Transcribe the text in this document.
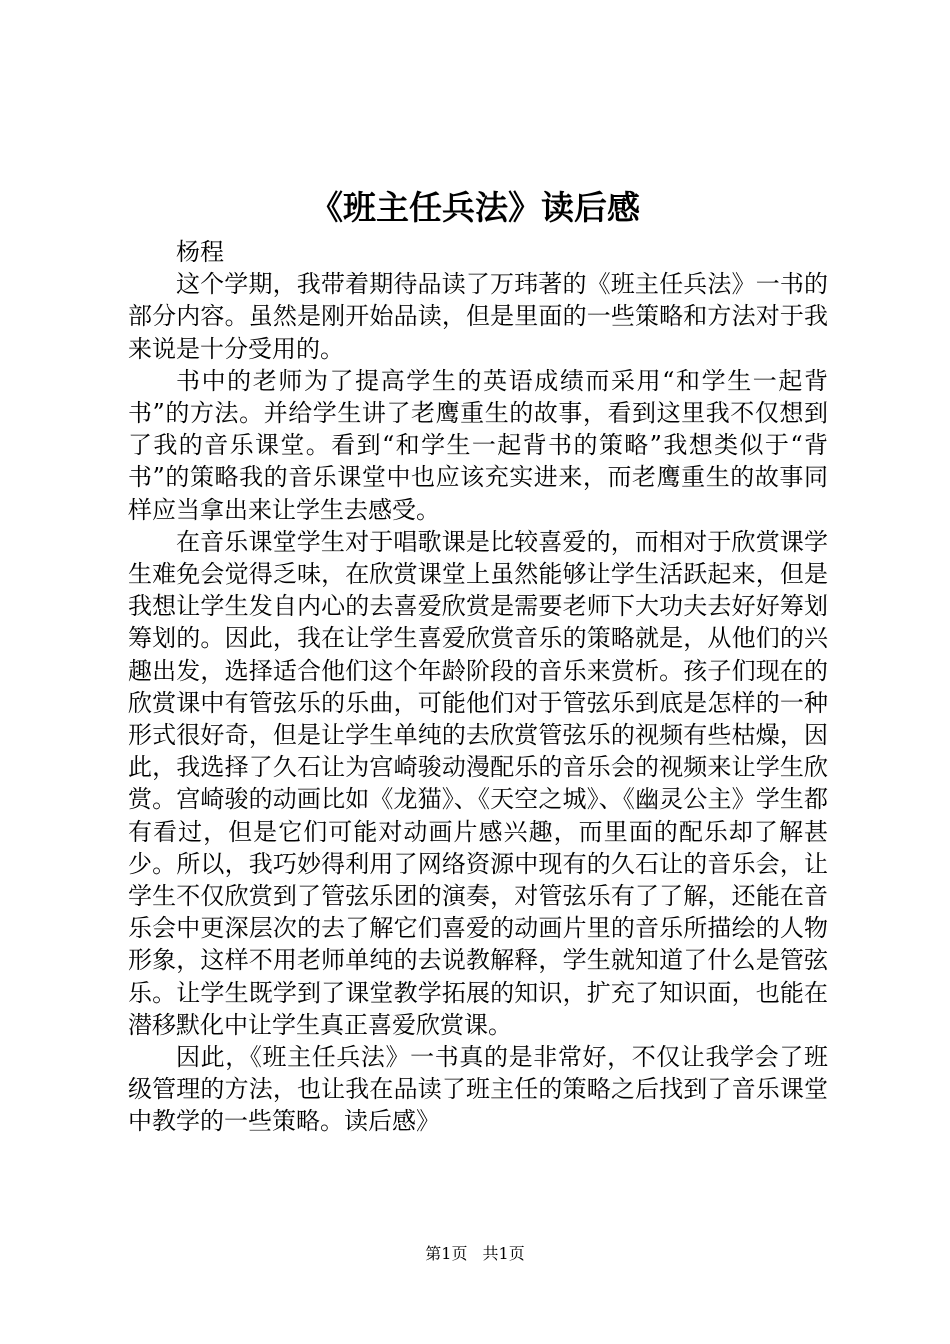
《班主任兵法》读后感

杨程

这个学期，我带着期待品读了万玮著的《班主任兵法》一书的部分内容。虽然是刚开始品读，但是里面的一些策略和方法对于我来说是十分受用的。

书中的老师为了提高学生的英语成绩而采用“和学生一起背书”的方法。并给学生讲了老鹰重生的故事，看到这里我不仅想到了我的音乐课堂。看到“和学生一起背书的策略”我想类似于“背书”的策略我的音乐课堂中也应该充实进来，而老鹰重生的故事同样应当拿出来让学生去感受。

在音乐课堂学生对于唱歌课是比较喜爱的，而相对于欣赏课学生难免会觉得乏味，在欣赏课堂上虽然能够让学生活跃起来，但是我想让学生发自内心的去喜爱欣赏是需要老师下大功夫去好好筹划筹划的。因此，我在让学生喜爱欣赏音乐的策略就是，从他们的兴趣出发，选择适合他们这个年龄阶段的音乐来赏析。孩子们现在的欣赏课中有管弦乐的乐曲，可能他们对于管弦乐到底是怎样的一种形式很好奇，但是让学生单纯的去欣赏管弦乐的视频有些枯燥，因此，我选择了久石让为宫崎骏动漫配乐的音乐会的视频来让学生欣赏。宫崎骏的动画比如《龙猫》、《天空之城》、《幽灵公主》学生都有看过，但是它们可能对动画片感兴趣，而里面的配乐却了解甚少。所以，我巧妙得利用了网络资源中现有的久石让的音乐会，让学生不仅欣赏到了管弦乐团的演奏，对管弦乐有了了解，还能在音乐会中更深层次的去了解它们喜爱的动画片里的音乐所描绘的人物形象，这样不用老师单纯的去说教解释，学生就知道了什么是管弦乐。让学生既学到了课堂教学拓展的知识，扩充了知识面，也能在潜移默化中让学生真正喜爱欣赏课。

因此，《班主任兵法》一书真的是非常好，不仅让我学会了班级管理的方法，也让我在品读了班主任的策略之后找到了音乐课堂中教学的一些策略。读后感》

第1页 共1页
